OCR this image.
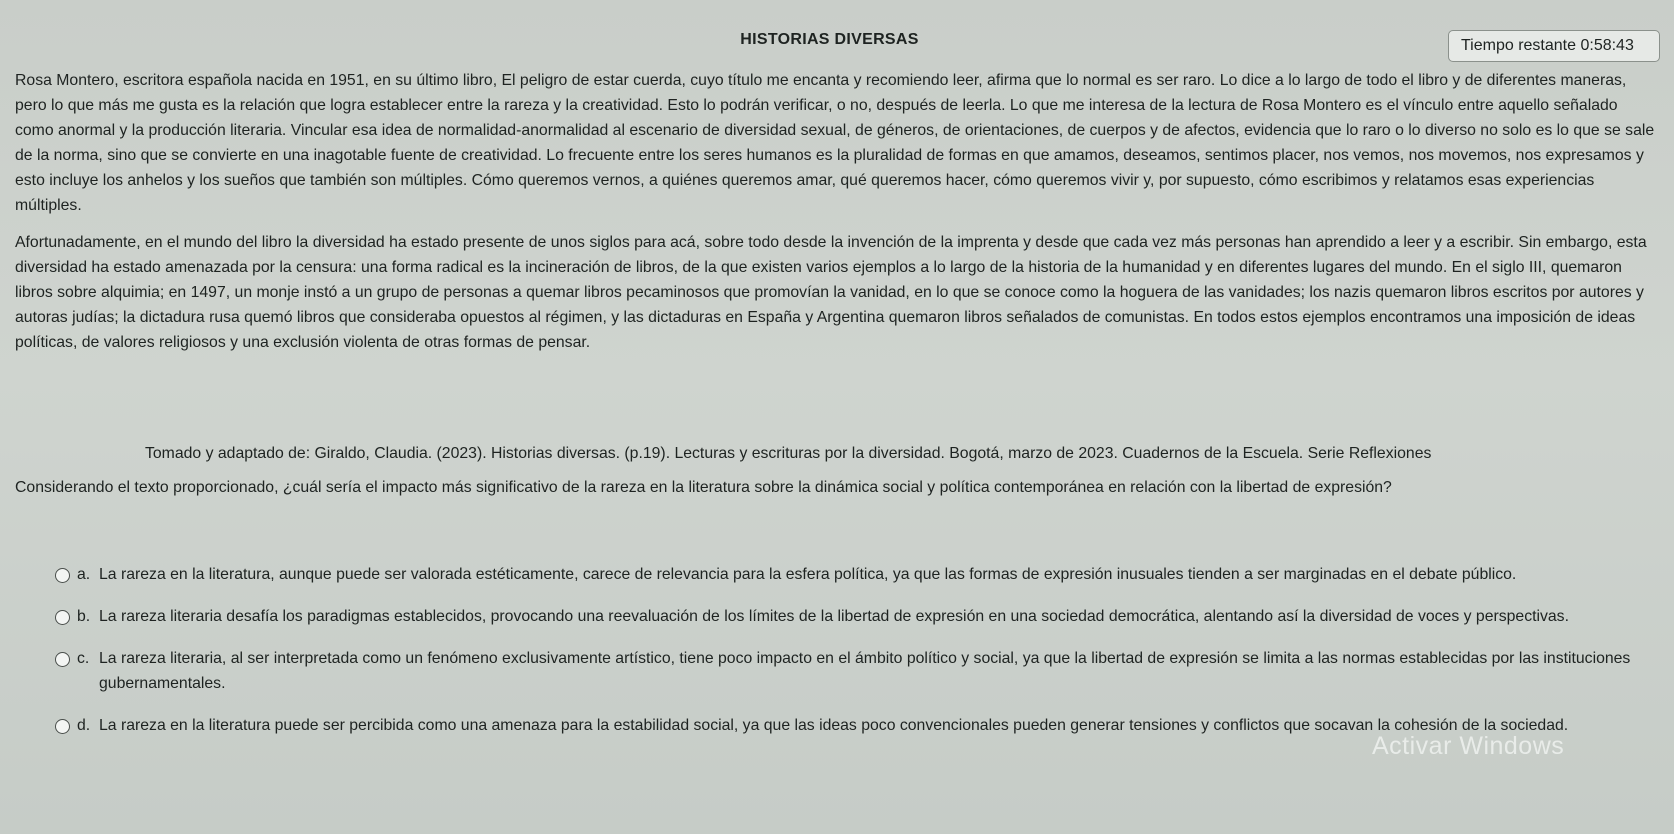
HISTORIAS DIVERSAS	Tiempo restante 0:58:43

Rosa Montero, escritora española nacida en 1951, en su último libro, El peligro de estar cuerda, cuyo título me encanta y recomiendo leer, afirma que lo normal es ser raro. Lo dice a lo largo de todo el libro y de diferentes maneras, pero lo que más me gusta es la relación que logra establecer entre la rareza y la creatividad. Esto lo podrán verificar, o no, después de leerla. Lo que me interesa de la lectura de Rosa Montero es el vínculo entre aquello señalado como anormal y la producción literaria. Vincular esa idea de normalidad-anormalidad al escenario de diversidad sexual, de géneros, de orientaciones, de cuerpos y de afectos, evidencia que lo raro o lo diverso no solo es lo que se sale de la norma, sino que se convierte en una inagotable fuente de creatividad. Lo frecuente entre los seres humanos es la pluralidad de formas en que amamos, deseamos, sentimos placer, nos vemos, nos movemos, nos expresamos y esto incluye los anhelos y los sueños que también son múltiples. Cómo queremos vernos, a quiénes queremos amar, qué queremos hacer, cómo queremos vivir y, por supuesto, cómo escribimos y relatamos esas experiencias múltiples.

Afortunadamente, en el mundo del libro la diversidad ha estado presente de unos siglos para acá, sobre todo desde la invención de la imprenta y desde que cada vez más personas han aprendido a leer y a escribir. Sin embargo, esta diversidad ha estado amenazada por la censura: una forma radical es la incineración de libros, de la que existen varios ejemplos a lo largo de la historia de la humanidad y en diferentes lugares del mundo. En el siglo III, quemaron libros sobre alquimia; en 1497, un monje instó a un grupo de personas a quemar libros pecaminosos que promovían la vanidad, en lo que se conoce como la hoguera de las vanidades; los nazis quemaron libros escritos por autores y autoras judías; la dictadura rusa quemó libros que consideraba opuestos al régimen, y las dictaduras en España y Argentina quemaron libros señalados de comunistas. En todos estos ejemplos encontramos una imposición de ideas políticas, de valores religiosos y una exclusión violenta de otras formas de pensar.

Tomado y adaptado de: Giraldo, Claudia. (2023). Historias diversas. (p.19). Lecturas y escrituras por la diversidad. Bogotá, marzo de 2023. Cuadernos de la Escuela. Serie Reflexiones
Considerando el texto proporcionado, ¿cuál sería el impacto más significativo de la rareza en la literatura sobre la dinámica social y política contemporánea en relación con la libertad de expresión?
a. La rareza en la literatura, aunque puede ser valorada estéticamente, carece de relevancia para la esfera política, ya que las formas de expresión inusuales tienden a ser marginadas en el debate público.
b. La rareza literaria desafía los paradigmas establecidos, provocando una reevaluación de los límites de la libertad de expresión en una sociedad democrática, alentando así la diversidad de voces y perspectivas.
c. La rareza literaria, al ser interpretada como un fenómeno exclusivamente artístico, tiene poco impacto en el ámbito político y social, ya que la libertad de expresión se limita a las normas establecidas por las instituciones gubernamentales.
d. La rareza en la literatura puede ser percibida como una amenaza para la estabilidad social, ya que las ideas poco convencionales pueden generar tensiones y conflictos que socavan la cohesión de la sociedad.
Activar Windows
